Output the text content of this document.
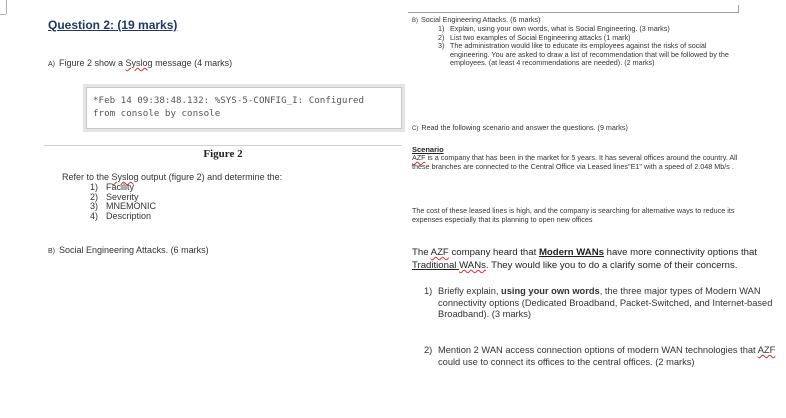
Question 2: (19 marks)
A) Figure 2 show a Syslog message (4 marks)
*Feb 14 09:38:48.132: %SYS-5-CONFIG_I: Configured
from console by console
Figure 2
Refer to the Syslog output (figure 2) and determine the:
1) Facility
2) Severity
3) MNEMONIC
4) Description
B) Social Engineering Attacks. (6 marks)
B) Social Engineering Attacks. (6 marks)
1) Explain, using your own words, what is Social Engineering. (3 marks)
2) List two examples of Social Engineering attacks (1 mark)
3) The administration would like to educate its employees against the risks of social engineering. You are asked to draw a list of recommendation that will be followed by the employees. (at least 4 recommendations are needed). (2 marks)
C) Read the following scenario and answer the questions. (9 marks)
Scenario
AZF is a company that has been in the market for 5 years. It has several offices around the country. All these branches are connected to the Central Office via Leased lines"E1" with a speed of 2.048 Mb/s .
The cost of these leased lines is high, and the company is searching for alternative ways to reduce its expenses especially that its planning to open new offices
The AZF company heard that Modern WANs have more connectivity options that Traditional WANs. They would like you to do a clarify some of their concerns.
1) Briefly explain, using your own words, the three major types of Modern WAN connectivity options (Dedicated Broadband, Packet-Switched, and Internet-based Broadband). (3 marks)
2) Mention 2 WAN access connection options of modern WAN technologies that AZF could use to connect its offices to the central offices. (2 marks)
